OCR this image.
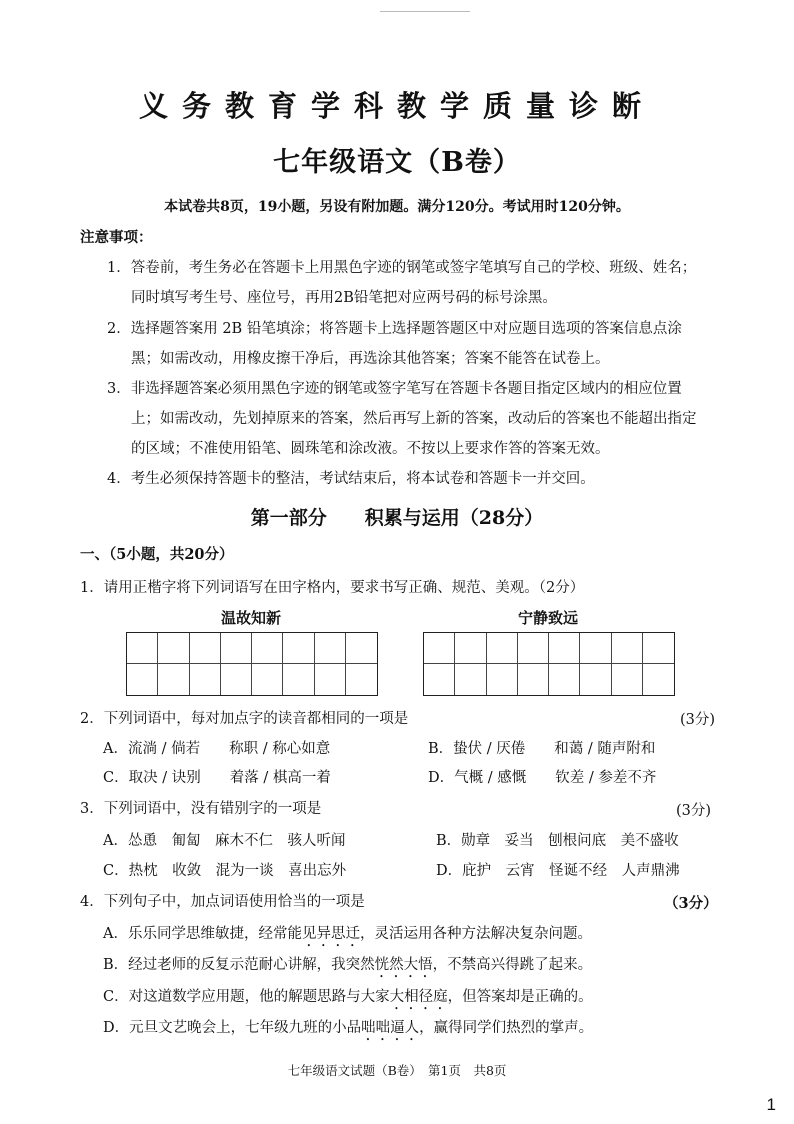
义务教育学科教学质量诊断
七年级语文（B卷）
本试卷共8页，19小题，另设有附加题。满分120分。考试用时120分钟。
注意事项：
1．答卷前，考生务必在答题卡上用黑色字迹的钢笔或签字笔填写自己的学校、班级、姓名；
同时填写考生号、座位号，再用2B铅笔把对应两号码的标号涂黑。
2．选择题答案用 2B 铅笔填涂；将答题卡上选择题答题区中对应题目选项的答案信息点涂
黑；如需改动，用橡皮擦干净后，再选涂其他答案；答案不能答在试卷上。
3．非选择题答案必须用黑色字迹的钢笔或签字笔写在答题卡各题目指定区域内的相应位置
上；如需改动，先划掉原来的答案，然后再写上新的答案，改动后的答案也不能超出指定
的区域；不准使用铅笔、圆珠笔和涂改液。不按以上要求作答的答案无效。
4．考生必须保持答题卡的整洁，考试结束后，将本试卷和答题卡一并交回。
第一部分 积累与运用（28分）
一、（5小题，共20分）
1．请用正楷字将下列词语写在田字格内，要求书写正确、规范、美观。（2分）
温故知新	宁静致远
2．下列词语中，每对加点字的读音都相同的一项是	(3分)
A．流淌 / 倘若　　 称职 / 称心如意	B．蛰伏 / 厌倦　　 和蔼 / 随声附和
C．取决 / 诀别　　 着落 / 棋高一着	D．气概 / 感慨　　 钦差 / 参差不齐
3．下列词语中，没有错别字的一项是	(3分)
A．怂恿　匍匐　麻木不仁　骇人听闻	B．勋章　妥当　刨根问底　美不盛收
C．热枕　收敛　混为一谈　喜出忘外	D．庇护　云宵　怪诞不经　人声鼎沸
4．下列句子中，加点词语使用恰当的一项是	（3分）
A．乐乐同学思维敏捷，经常能见异思迁，灵活运用各种方法解决复杂问题。
B．经过老师的反复示范耐心讲解，我突然恍然大悟，不禁高兴得跳了起来。
C．对这道数学应用题，他的解题思路与大家大相径庭，但答案却是正确的。
D．元旦文艺晚会上，七年级九班的小品咄咄逼人，赢得同学们热烈的掌声。
七年级语文试题（B卷）　第1页　共8页
1
